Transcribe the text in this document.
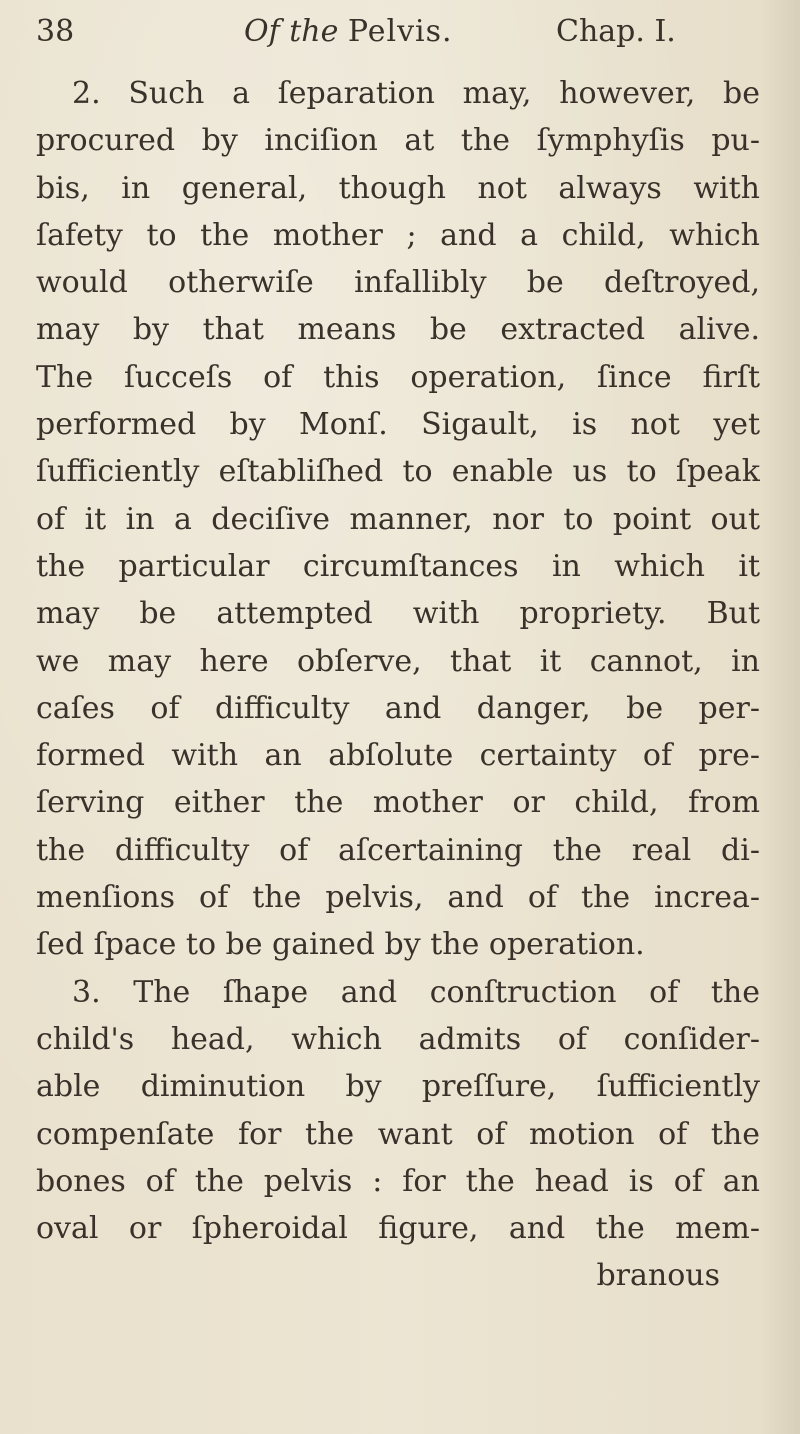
38	Of the Pelvis.	Chap. I.
2. Such a ſeparation may, however, be
procured by inciſion at the ſymphyſis pu-
bis, in general, though not always with
ſafety to the mother ; and a child, which
would otherwiſe infallibly be deſtroyed,
may by that means be extracted alive.
The ſucceſs of this operation, ſince firſt
performed by Monſ. Sigault, is not yet
ſufficiently eſtabliſhed to enable us to ſpeak
of it in a deciſive manner, nor to point out
the particular circumſtances in which it
may be attempted with propriety. But
we may here obſerve, that it cannot, in
caſes of difficulty and danger, be per-
formed with an abſolute certainty of pre-
ſerving either the mother or child, from
the difficulty of aſcertaining the real di-
menſions of the pelvis, and of the increa-
ſed ſpace to be gained by the operation.
3. The ſhape and conſtruction of the
child's head, which admits of conſider-
able diminution by preſſure, ſufficiently
compenſate for the want of motion of the
bones of the pelvis : for the head is of an
oval or ſpheroidal figure, and the mem-
branous
